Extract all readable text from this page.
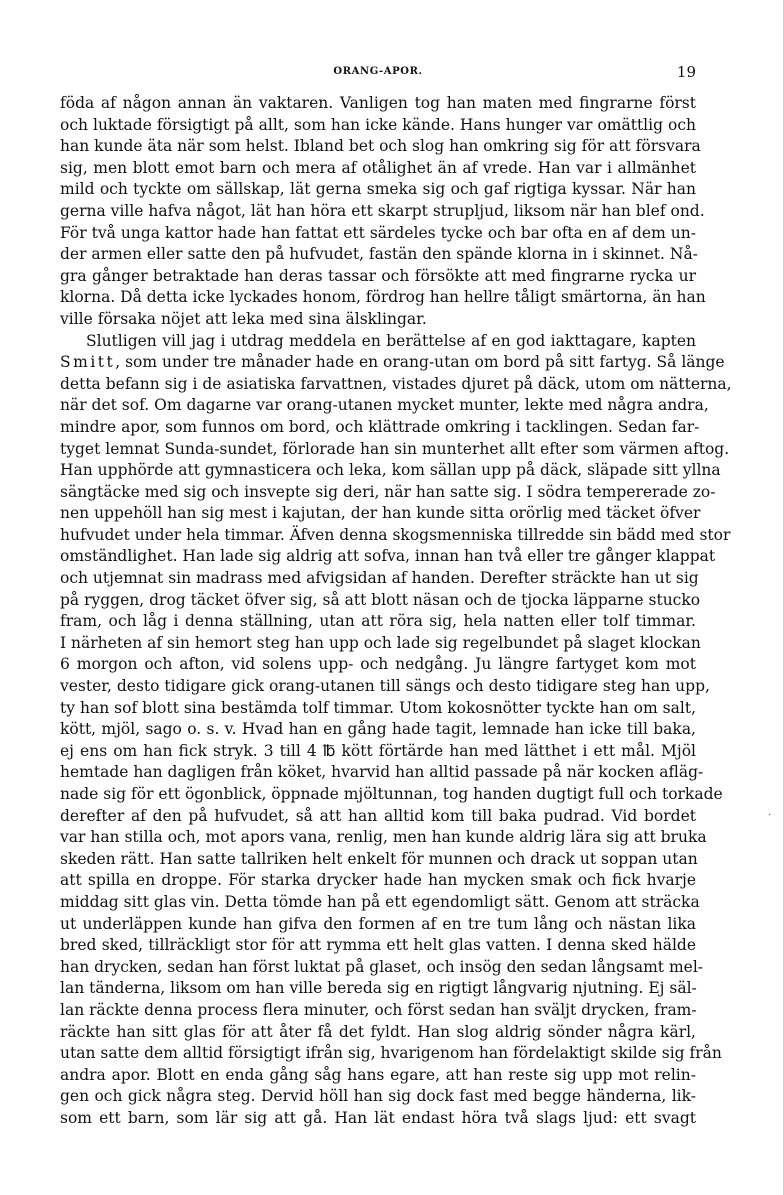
ORANG-APOR.	19
föda af någon annan än vaktaren. Vanligen tog han maten med fingrarne först
och luktade försigtigt på allt, som han icke kände. Hans hunger var omättlig och
han kunde äta när som helst. Ibland bet och slog han omkring sig för att försvara
sig, men blott emot barn och mera af otålighet än af vrede. Han var i allmänhet
mild och tyckte om sällskap, lät gerna smeka sig och gaf rigtiga kyssar. När han
gerna ville hafva något, lät han höra ett skarpt strupljud, liksom när han blef ond.
För två unga kattor hade han fattat ett särdeles tycke och bar ofta en af dem un-
der armen eller satte den på hufvudet, fastän den spände klorna in i skinnet. Nå-
gra gånger betraktade han deras tassar och försökte att med fingrarne rycka ur
klorna. Då detta icke lyckades honom, fördrog han hellre tåligt smärtorna, än han
ville försaka nöjet att leka med sina älsklingar.
Slutligen vill jag i utdrag meddela en berättelse af en god iakttagare, kapten
Smitt, som under tre månader hade en orang-utan om bord på sitt fartyg. Så länge
detta befann sig i de asiatiska farvattnen, vistades djuret på däck, utom om nätterna,
när det sof. Om dagarne var orang-utanen mycket munter, lekte med några andra,
mindre apor, som funnos om bord, och klättrade omkring i tacklingen. Sedan far-
tyget lemnat Sunda-sundet, förlorade han sin munterhet allt efter som värmen aftog.
Han upphörde att gymnasticera och leka, kom sällan upp på däck, släpade sitt yllna
sängtäcke med sig och insvepte sig deri, när han satte sig. I södra tempererade zo-
nen uppehöll han sig mest i kajutan, der han kunde sitta orörlig med täcket öfver
hufvudet under hela timmar. Äfven denna skogsmenniska tillredde sin bädd med stor
omständlighet. Han lade sig aldrig att sofva, innan han två eller tre gånger klappat
och utjemnat sin madrass med afvigsidan af handen. Derefter sträckte han ut sig
på ryggen, drog täcket öfver sig, så att blott näsan och de tjocka läpparne stucko
fram, och låg i denna ställning, utan att röra sig, hela natten eller tolf timmar.
I närheten af sin hemort steg han upp och lade sig regelbundet på slaget klockan
6 morgon och afton, vid solens upp- och nedgång. Ju längre fartyget kom mot
vester, desto tidigare gick orang-utanen till sängs och desto tidigare steg han upp,
ty han sof blott sina bestämda tolf timmar. Utom kokosnötter tyckte han om salt,
kött, mjöl, sago o. s. v. Hvad han en gång hade tagit, lemnade han icke till baka,
ej ens om han fick stryk. 3 till 4 ℔ kött förtärde han med lätthet i ett mål. Mjöl
hemtade han dagligen från köket, hvarvid han alltid passade på när kocken afläg-
nade sig för ett ögonblick, öppnade mjöltunnan, tog handen dugtigt full och torkade
derefter af den på hufvudet, så att han alltid kom till baka pudrad. Vid bordet
var han stilla och, mot apors vana, renlig, men han kunde aldrig lära sig att bruka
skeden rätt. Han satte tallriken helt enkelt för munnen och drack ut soppan utan
att spilla en droppe. För starka drycker hade han mycken smak och fick hvarje
middag sitt glas vin. Detta tömde han på ett egendomligt sätt. Genom att sträcka
ut underläppen kunde han gifva den formen af en tre tum lång och nästan lika
bred sked, tillräckligt stor för att rymma ett helt glas vatten. I denna sked hälde
han drycken, sedan han först luktat på glaset, och insög den sedan långsamt mel-
lan tänderna, liksom om han ville bereda sig en rigtigt långvarig njutning. Ej säl-
lan räckte denna process flera minuter, och först sedan han sväljt drycken, fram-
räckte han sitt glas för att åter få det fyldt. Han slog aldrig sönder några kärl,
utan satte dem alltid försigtigt ifrån sig, hvarigenom han fördelaktigt skilde sig från
andra apor. Blott en enda gång såg hans egare, att han reste sig upp mot relin-
gen och gick några steg. Dervid höll han sig dock fast med begge händerna, lik-
som ett barn, som lär sig att gå. Han lät endast höra två slags ljud: ett svagt
·
